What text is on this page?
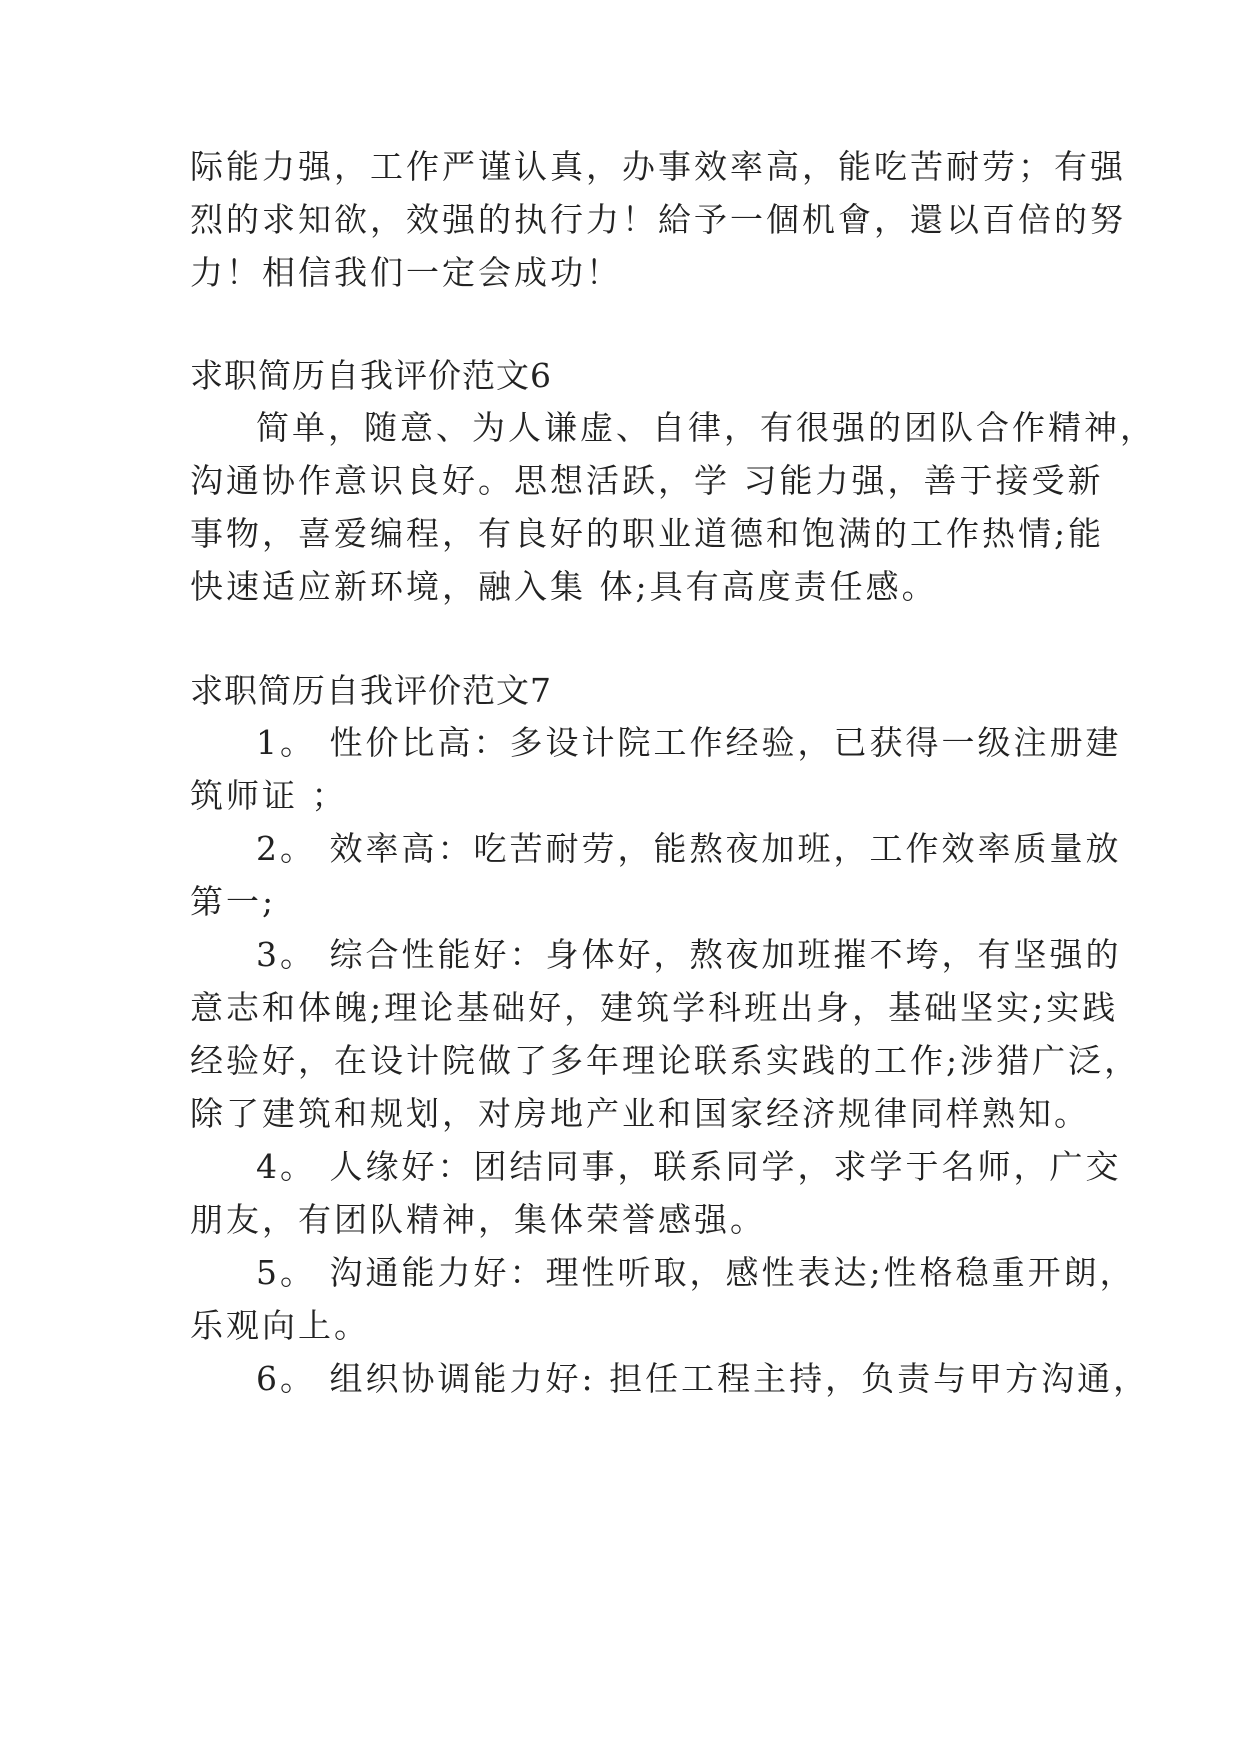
际能力强，工作严谨认真，办事效率高，能吃苦耐劳；有强
烈的求知欲，效强的执行力！給予一個机會，還以百倍的努
力！相信我们一定会成功！
求职简历自我评价范文6
简单，随意、为人谦虚、自律，有很强的团队合作精神，
沟通协作意识良好。思想活跃，学 习能力强，善于接受新
事物，喜爱编程，有良好的职业道德和饱满的工作热情;能
快速适应新环境，融入集 体;具有高度责任感。
求职简历自我评价范文7
1。 性价比高：多设计院工作经验，已获得一级注册建
筑师证 ；
2。 效率高：吃苦耐劳，能熬夜加班，工作效率质量放
第一;
3。 综合性能好：身体好，熬夜加班摧不垮，有坚强的
意志和体魄;理论基础好，建筑学科班出身，基础坚实;实践
经验好，在设计院做了多年理论联系实践的工作;涉猎广泛，
除了建筑和规划，对房地产业和国家经济规律同样熟知。
4。 人缘好：团结同事，联系同学，求学于名师，广交
朋友，有团队精神，集体荣誉感强。
5。 沟通能力好：理性听取，感性表达;性格稳重开朗，
乐观向上。
6。 组织协调能力好: 担任工程主持，负责与甲方沟通，
